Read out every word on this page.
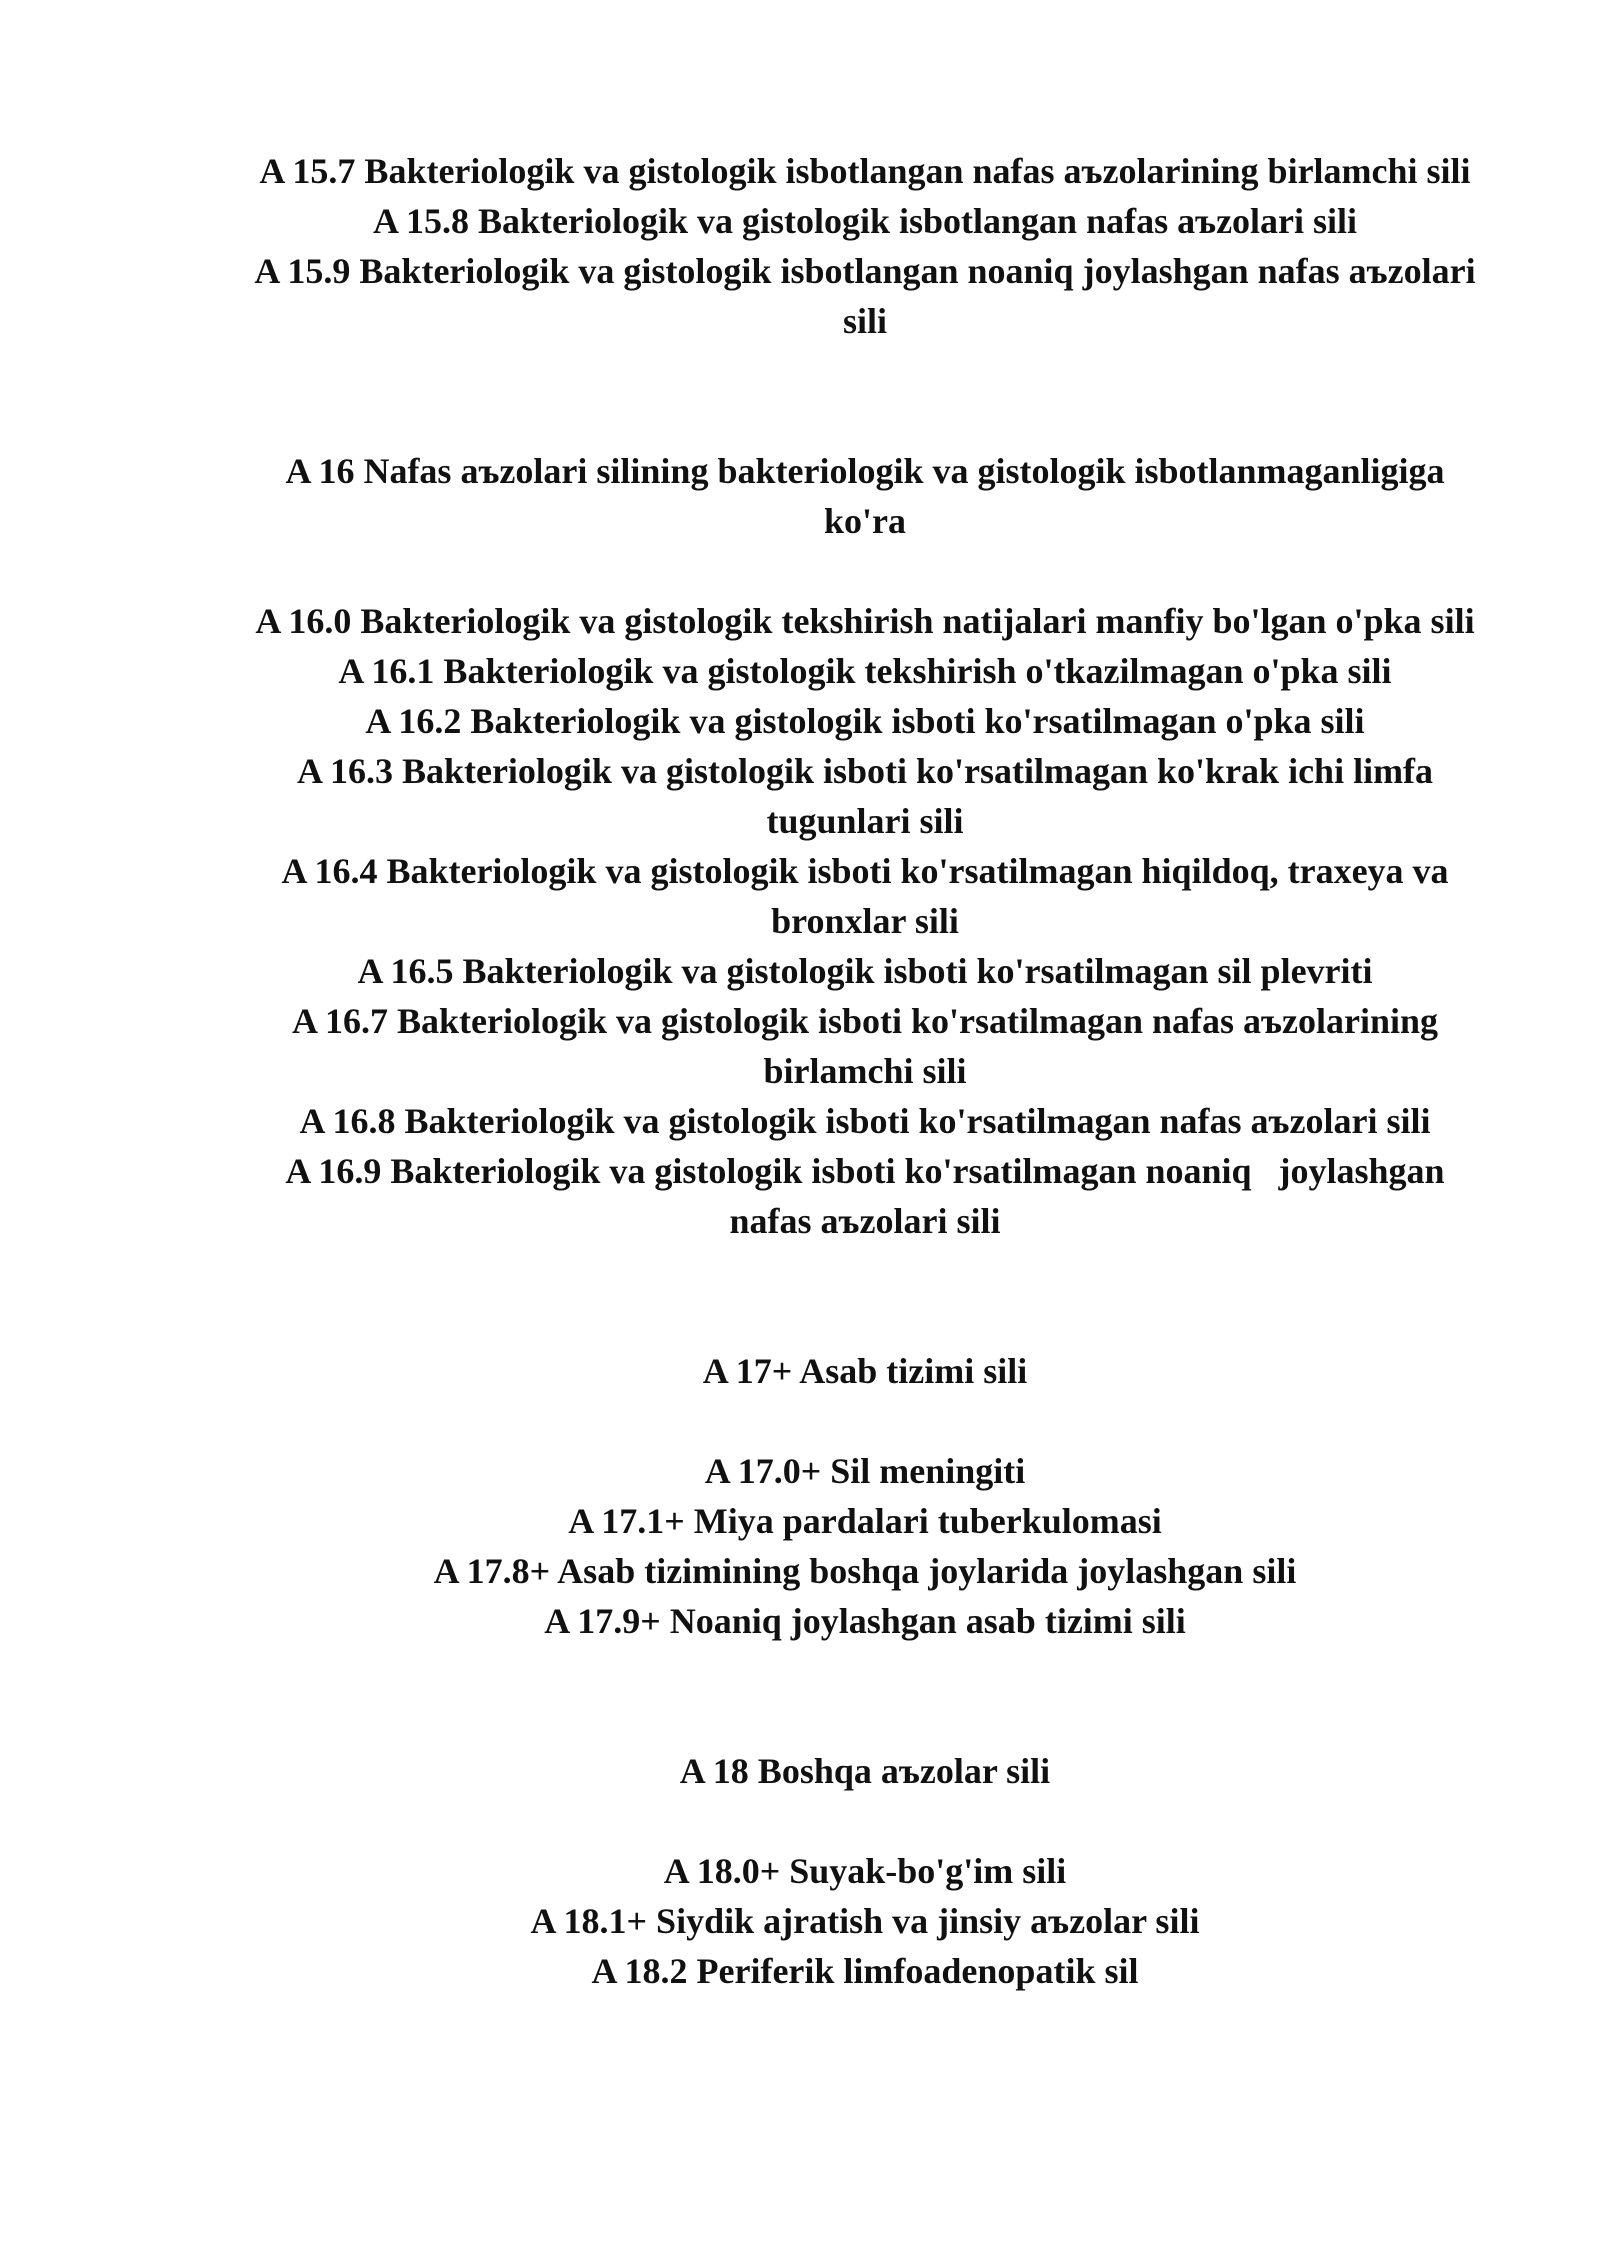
A 15.7 Bakteriologik va gistologik isbotlangan nafas aъzolarining birlamchi sili

A 15.8 Bakteriologik va gistologik isbotlangan nafas aъzolari sili

A 15.9 Bakteriologik va gistologik isbotlangan noaniq joylashgan nafas aъzolari sili

A 16 Nafas aъzolari silining bakteriologik va gistologik isbotlanmaganligiga ko'ra

A 16.0 Bakteriologik va gistologik tekshirish natijalari manfiy bo'lgan o'pka sili

A 16.1 Bakteriologik va gistologik tekshirish o'tkazilmagan o'pka sili

A 16.2 Bakteriologik va gistologik isboti ko'rsatilmagan o'pka sili

A 16.3 Bakteriologik va gistologik isboti ko'rsatilmagan ko'krak ichi limfa tugunlari sili

A 16.4 Bakteriologik va gistologik isboti ko'rsatilmagan hiqildoq, traxeya va bronxlar sili

A 16.5 Bakteriologik va gistologik isboti ko'rsatilmagan sil plevriti

A 16.7 Bakteriologik va gistologik isboti ko'rsatilmagan nafas aъzolarining birlamchi sili

A 16.8 Bakteriologik va gistologik isboti ko'rsatilmagan nafas aъzolari sili

A 16.9 Bakteriologik va gistologik isboti ko'rsatilmagan noaniq   joylashgan nafas aъzolari sili

A 17+ Asab tizimi sili

A 17.0+ Sil meningiti

A 17.1+ Miya pardalari tuberkulomasi

A 17.8+ Asab tizimining boshqa joylarida joylashgan sili

A 17.9+ Noaniq joylashgan asab tizimi sili

A 18 Boshqa aъzolar sili

A 18.0+ Suyak-bo'g'im sili

A 18.1+ Siydik ajratish va jinsiy aъzolar sili

A 18.2 Periferik limfoadenopatik sil
